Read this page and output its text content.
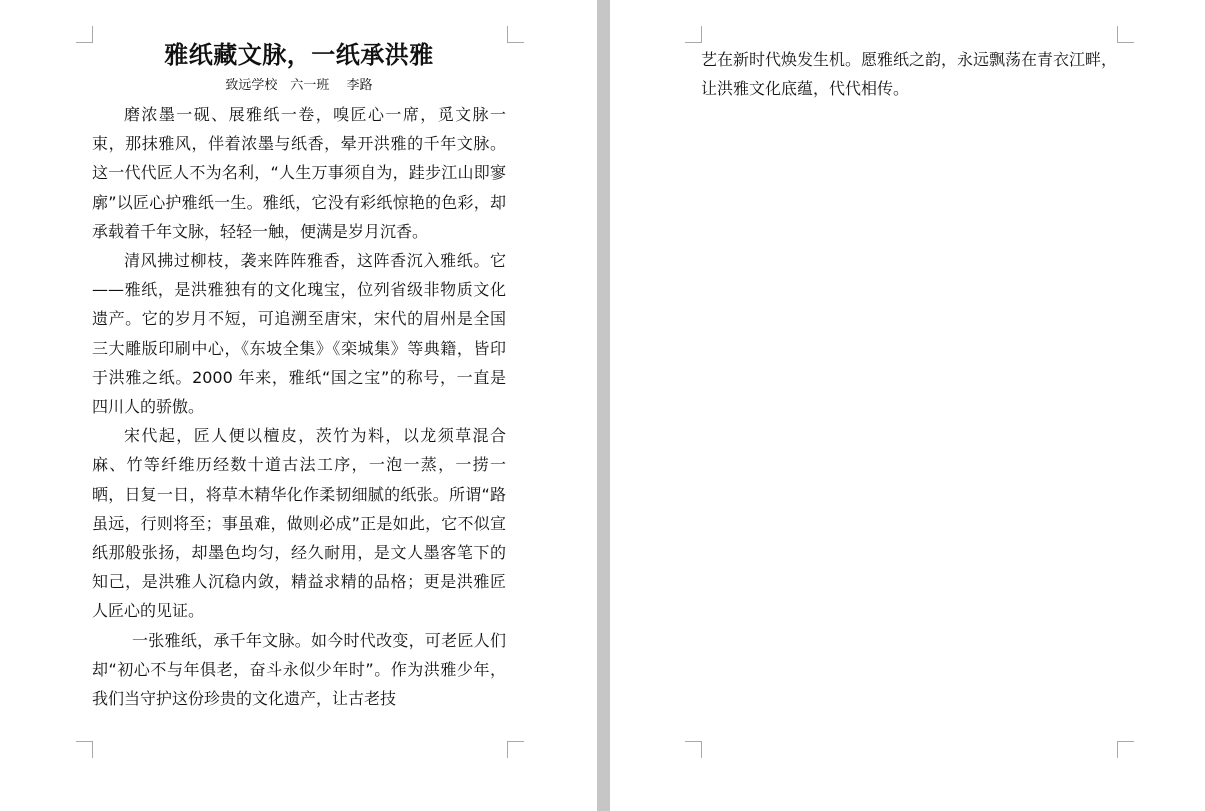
雅纸藏文脉，一纸承洪雅
致远学校　六一班　 李路

磨浓墨一砚、展雅纸一卷，嗅匠心一席，觅文脉一束，那抹雅风，伴着浓墨与纸香，晕开洪雅的千年文脉。这一代代匠人不为名利，“人生万事须自为，跬步江山即寥廓”以匠心护雅纸一生。雅纸，它没有彩纸惊艳的色彩，却承载着千年文脉，轻轻一触，便满是岁月沉香。

清风拂过柳枝，袭来阵阵雅香，这阵香沉入雅纸。它——雅纸，是洪雅独有的文化瑰宝，位列省级非物质文化遗产。它的岁月不短，可追溯至唐宋，宋代的眉州是全国三大雕版印刷中心，《东坡全集》《栾城集》等典籍，皆印于洪雅之纸。2000 年来，雅纸“国之宝”的称号，一直是四川人的骄傲。

宋代起，匠人便以檀皮，茨竹为料，以龙须草混合麻、竹等纤维历经数十道古法工序，一泡一蒸，一捞一晒，日复一日，将草木精华化作柔韧细腻的纸张。所谓“路虽远，行则将至；事虽难，做则必成”正是如此，它不似宣纸那般张扬，却墨色均匀，经久耐用，是文人墨客笔下的知己，是洪雅人沉稳内敛，精益求精的品格；更是洪雅匠人匠心的见证。

一张雅纸，承千年文脉。如今时代改变，可老匠人们却“初心不与年俱老，奋斗永似少年时”。作为洪雅少年，我们当守护这份珍贵的文化遗产，让古老技

艺在新时代焕发生机。愿雅纸之韵，永远飘荡在青衣江畔，让洪雅文化底蕴，代代相传。
